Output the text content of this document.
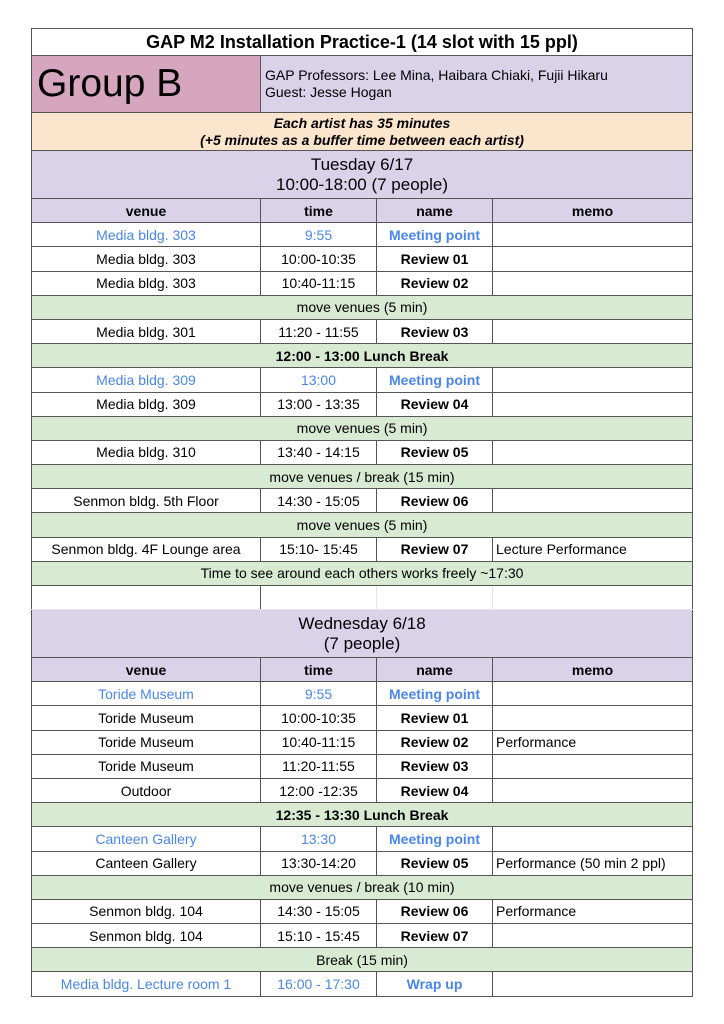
GAP M2 Installation Practice-1 (14 slot with 15 ppl)			
Group B	GAP Professors: Lee Mina, Haibara Chiaki, Fujii Hikaru
Guest: Jesse Hogan		

Each artist has 35 minutes
(+5 minutes as a buffer time between each artist)			

Tuesday 6/17
10:00-18:00 (7 people)			

venue	time	name	memo
Media bldg. 303	9:55	Meeting point	
Media bldg. 303	10:00-10:35	Review 01	
Media bldg. 303	10:40-11:15	Review 02	
move venues (5 min)			
Media bldg. 301	11:20 - 11:55	Review 03	
12:00 - 13:00 Lunch Break			
Media bldg. 309	13:00	Meeting point	
Media bldg. 309	13:00 - 13:35	Review 04	
move venues (5 min)			
Media bldg. 310	13:40 - 14:15	Review 05	
move venues / break (15 min)			
Senmon bldg. 5th Floor	14:30 - 15:05	Review 06	
move venues (5 min)			
Senmon bldg. 4F Lounge area	15:10- 15:45	Review 07	Lecture Performance
Time to see around each others works freely ~17:30			

Wednesday 6/18
(7 people)			

venue	time	name	memo
Toride Museum	9:55	Meeting point	
Toride Museum	10:00-10:35	Review 01	
Toride Museum	10:40-11:15	Review 02	Performance
Toride Museum	11:20-11:55	Review 03	
Outdoor	12:00 -12:35	Review 04	
12:35 - 13:30 Lunch Break			
Canteen Gallery	13:30	Meeting point	
Canteen Gallery	13:30-14:20	Review 05	Performance (50 min 2 ppl)
move venues / break (10 min)			
Senmon bldg. 104	14:30 - 15:05	Review 06	Performance
Senmon bldg. 104	15:10 - 15:45	Review 07	
Break (15 min)			
Media bldg. Lecture room 1	16:00 - 17:30	Wrap up	
